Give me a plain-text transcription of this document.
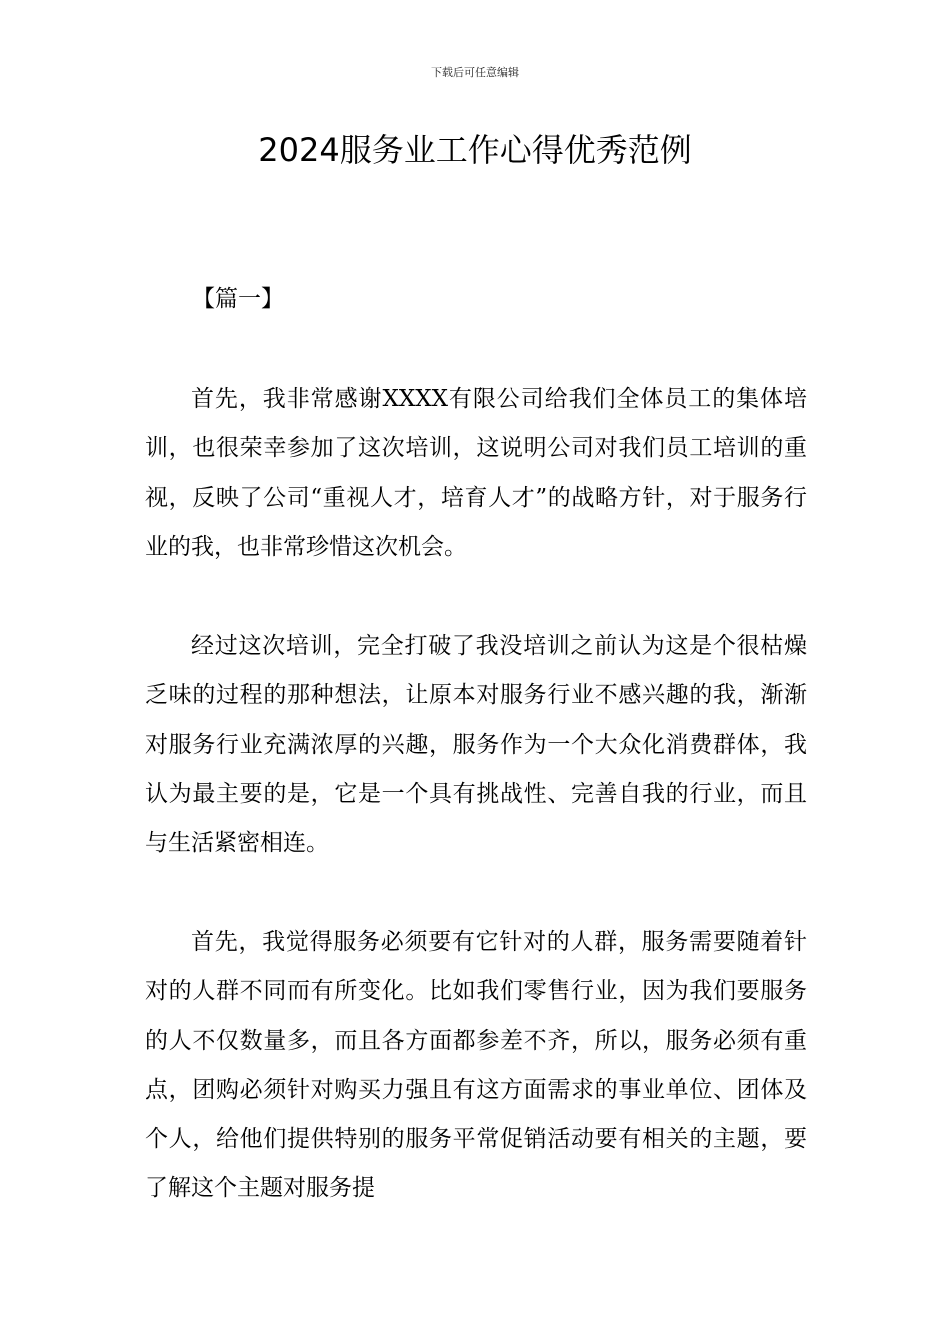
下载后可任意编辑
2024服务业工作心得优秀范例
【篇一】

首先，我非常感谢XXXX有限公司给我们全体员工的集体培训，也很荣幸参加了这次培训，这说明公司对我们员工培训的重视，反映了公司“重视人才，培育人才”的战略方针，对于服务行业的我，也非常珍惜这次机会。

经过这次培训，完全打破了我没培训之前认为这是个很枯燥乏味的过程的那种想法，让原本对服务行业不感兴趣的我，渐渐对服务行业充满浓厚的兴趣，服务作为一个大众化消费群体，我认为最主要的是，它是一个具有挑战性、完善自我的行业，而且与生活紧密相连。

首先，我觉得服务必须要有它针对的人群，服务需要随着针对的人群不同而有所变化。比如我们零售行业，因为我们要服务的人不仅数量多，而且各方面都参差不齐，所以，服务必须有重点，团购必须针对购买力强且有这方面需求的事业单位、团体及个人，给他们提供特别的服务平常促销活动要有相关的主题，要了解这个主题对服务提
